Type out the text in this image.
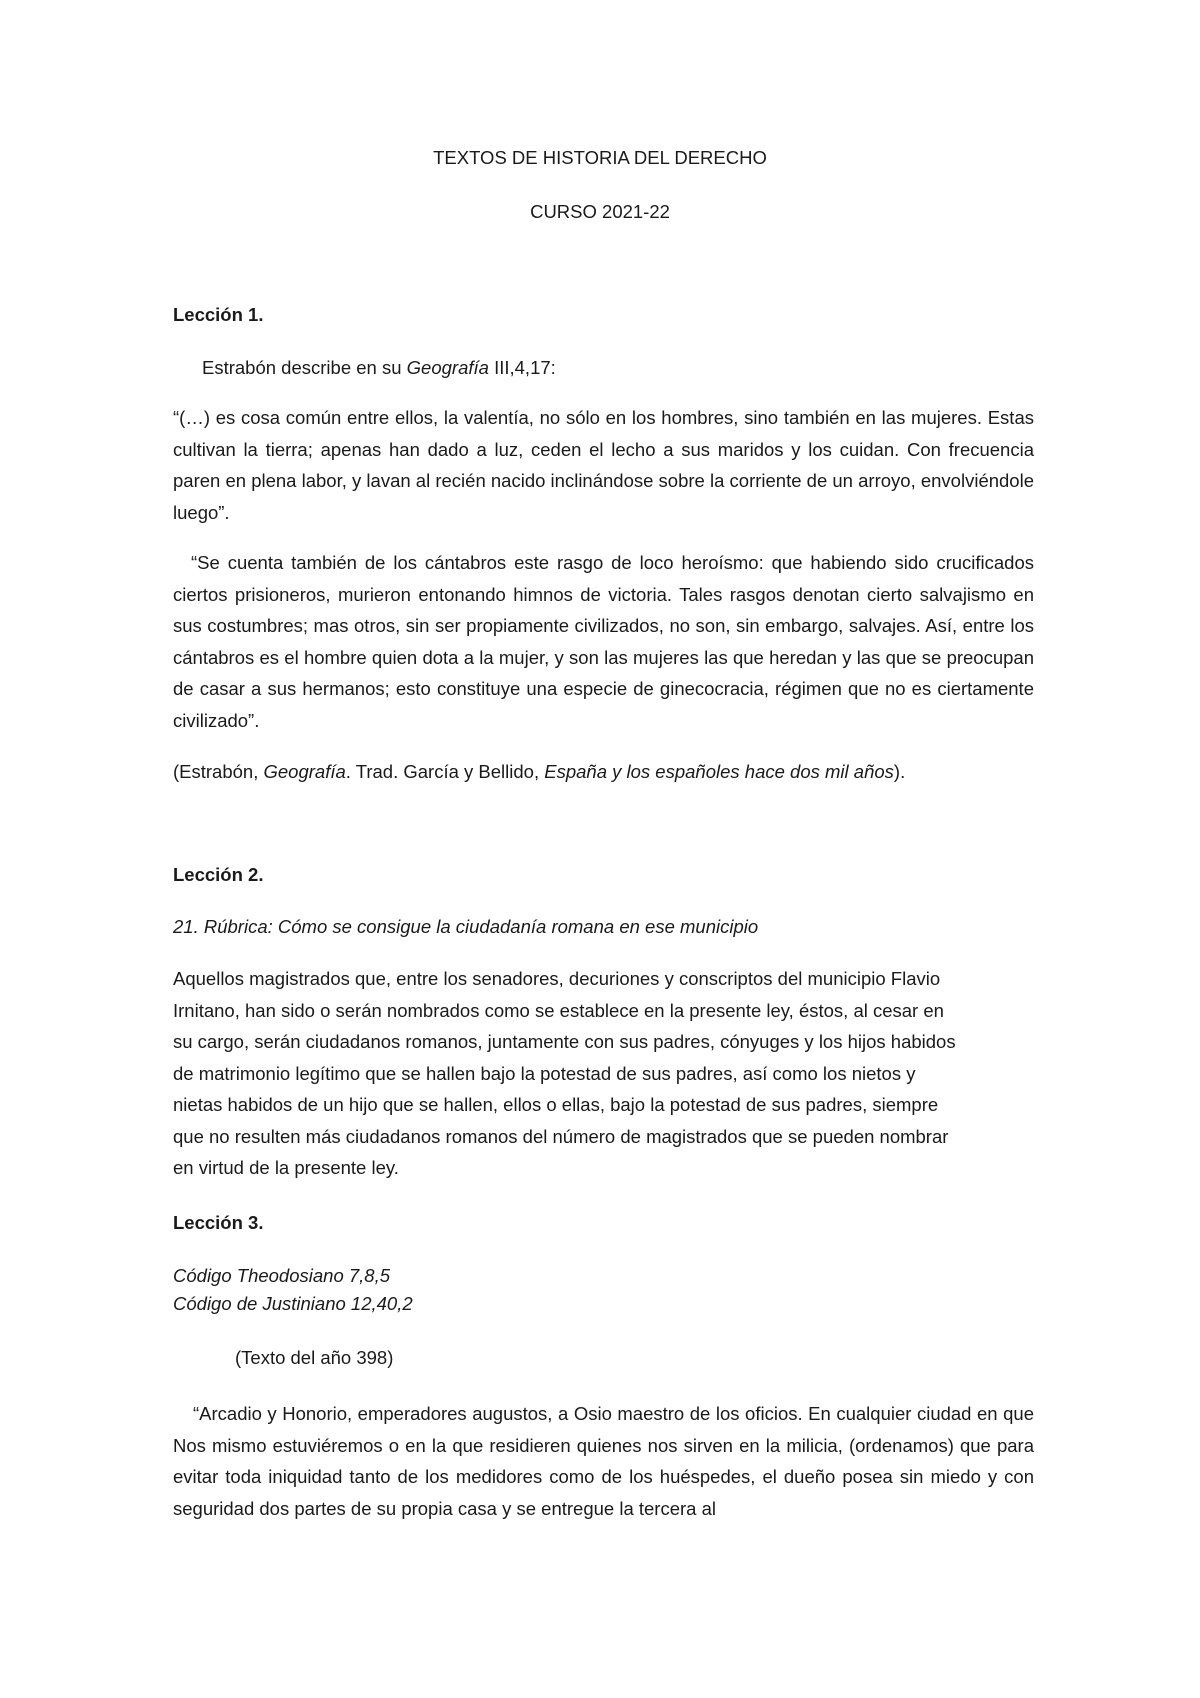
TEXTOS DE HISTORIA DEL DERECHO

CURSO 2021-22

Lección 1.

Estrabón describe en su Geografía III,4,17:

“(…) es cosa común entre ellos, la valentía, no sólo en los hombres, sino también en las mujeres. Estas cultivan la tierra; apenas han dado a luz, ceden el lecho a sus maridos y los cuidan. Con frecuencia paren en plena labor, y lavan al recién nacido inclinándose sobre la corriente de un arroyo, envolviéndole luego”.

“Se cuenta también de los cántabros este rasgo de loco heroísmo: que habiendo sido crucificados ciertos prisioneros, murieron entonando himnos de victoria. Tales rasgos denotan cierto salvajismo en sus costumbres; mas otros, sin ser propiamente civilizados, no son, sin embargo, salvajes. Así, entre los cántabros es el hombre quien dota a la mujer, y son las mujeres las que heredan y las que se preocupan de casar a sus hermanos; esto constituye una especie de ginecocracia, régimen que no es ciertamente civilizado”.

(Estrabón, Geografía. Trad. García y Bellido, España y los españoles hace dos mil años).

Lección 2.

21. Rúbrica: Cómo se consigue la ciudadanía romana en ese municipio

Aquellos magistrados que, entre los senadores, decuriones y conscriptos del municipio Flavio
Irnitano, han sido o serán nombrados como se establece en la presente ley, éstos, al cesar en
su cargo, serán ciudadanos romanos, juntamente con sus padres, cónyuges y los hijos habidos
de matrimonio legítimo que se hallen bajo la potestad de sus padres, así como los nietos y
nietas habidos de un hijo que se hallen, ellos o ellas, bajo la potestad de sus padres, siempre
que no resulten más ciudadanos romanos del número de magistrados que se pueden nombrar
en virtud de la presente ley.

Lección 3.

Código Theodosiano 7,8,5

Código de Justiniano 12,40,2

(Texto del año 398)

“Arcadio y Honorio, emperadores augustos, a Osio maestro de los oficios. En cualquier ciudad en que Nos mismo estuviéremos o en la que residieren quienes nos sirven en la milicia, (ordenamos) que para evitar toda iniquidad tanto de los medidores como de los huéspedes, el dueño posea sin miedo y con seguridad dos partes de su propia casa y se entregue la tercera al
